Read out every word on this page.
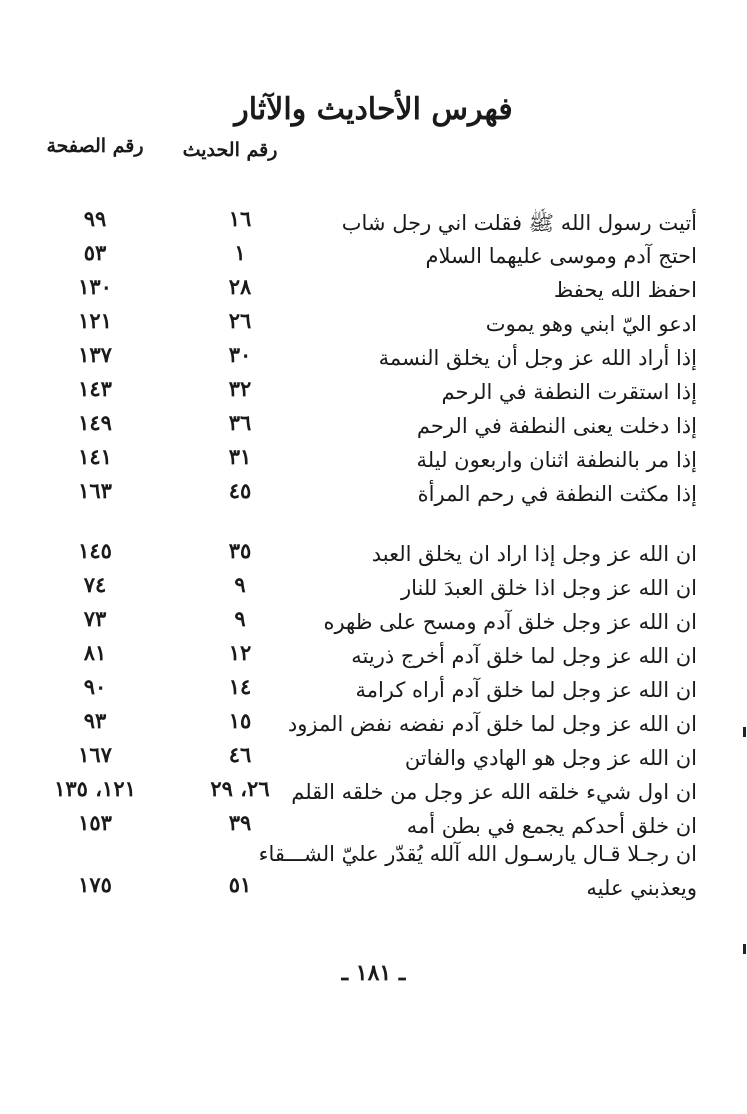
فهرس الأحاديث والآثار
رقم الصفحة	رقم الحديث
أتيت رسول الله ﷺ فقلت اني رجل شاب
١٦
٩٩
احتج آدم وموسى عليهما السلام
١
٥٣
احفظ الله يحفظ
٢٨
١٣٠
ادعو اليّ ابني وهو يموت
٢٦
١٢١
إذا أراد الله عز وجل أن يخلق النسمة
٣٠
١٣٧
إذا استقرت النطفة في الرحم
٣٢
١٤٣
إذا دخلت يعنى النطفة في الرحم
٣٦
١٤٩
إذا مر بالنطفة اثنان واربعون ليلة
٣١
١٤١
إذا مكثت النطفة في رحم المرأة
٤٥
١٦٣
ان الله عز وجل إذا اراد ان يخلق العبد
٣٥
١٤٥
ان الله عز وجل اذا خلق العبدَ للنار
٩
٧٤
ان الله عز وجل خلق آدم ومسح على ظهره
٩
٧٣
ان الله عز وجل لما خلق آدم أخرج ذريته
١٢
٨١
ان الله عز وجل لما خلق آدم أراه كرامة
١٤
٩٠
ان الله عز وجل لما خلق آدم نفضه نفض المزود
١٥
٩٣
ان الله عز وجل هو الهادي والفاتن
٤٦
١٦٧
ان اول شيء خلقه الله عز وجل من خلقه القلم
٢٦، ٢٩
١٢١، ١٣٥
ان خلق أحدكم يجمع في بطن أمه
٣٩
١٥٣
ان رجـلا قـال يارسـول الله آلله يُقدّر عليّ الشـــقاء
ويعذبني عليه
٥١
١٧٥
ـ ١٨١ ـ
